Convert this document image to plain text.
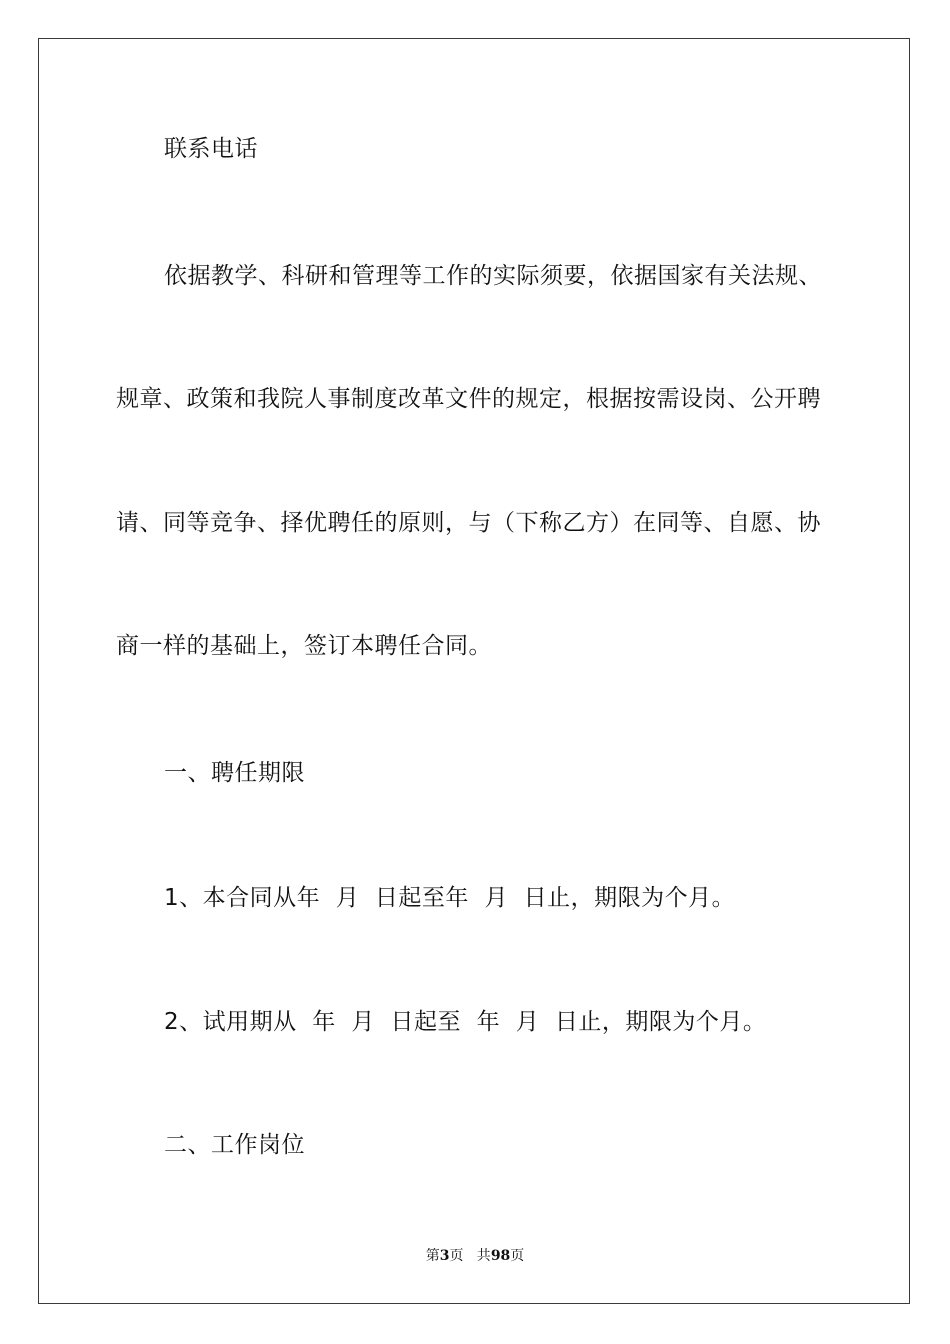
联系电话
依据教学、科研和管理等工作的实际须要，依据国家有关法规、
规章、政策和我院人事制度改革文件的规定，根据按需设岗、公开聘
请、同等竞争、择优聘任的原则，与（下称乙方）在同等、自愿、协
商一样的基础上，签订本聘任合同。
一、聘任期限
1、本合同从年  月  日起至年  月  日止，期限为个月。
2、试用期从  年  月  日起至  年  月  日止，期限为个月。
二、工作岗位
第3页   共98页
